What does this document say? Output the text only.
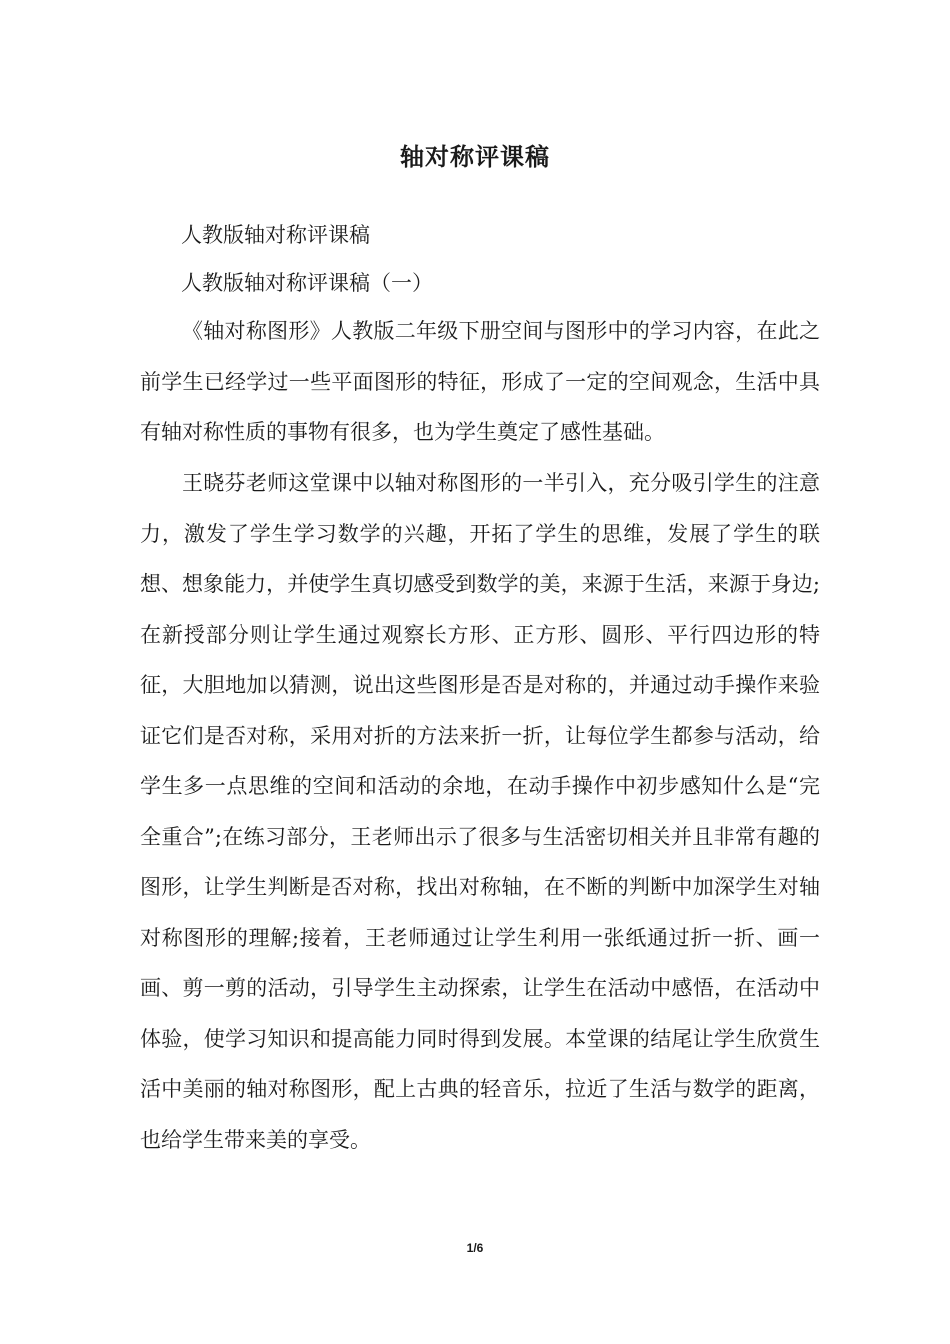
轴对称评课稿
人教版轴对称评课稿
人教版轴对称评课稿（一）

《轴对称图形》人教版二年级下册空间与图形中的学习内容，在此之前学生已经学过一些平面图形的特征，形成了一定的空间观念，生活中具有轴对称性质的事物有很多，也为学生奠定了感性基础。

王晓芬老师这堂课中以轴对称图形的一半引入，充分吸引学生的注意力，激发了学生学习数学的兴趣，开拓了学生的思维，发展了学生的联想、想象能力，并使学生真切感受到数学的美，来源于生活，来源于身边;在新授部分则让学生通过观察长方形、正方形、圆形、平行四边形的特征，大胆地加以猜测，说出这些图形是否是对称的，并通过动手操作来验证它们是否对称，采用对折的方法来折一折，让每位学生都参与活动，给学生多一点思维的空间和活动的余地，在动手操作中初步感知什么是“完全重合”;在练习部分，王老师出示了很多与生活密切相关并且非常有趣的图形，让学生判断是否对称，找出对称轴，在不断的判断中加深学生对轴对称图形的理解;接着，王老师通过让学生利用一张纸通过折一折、画一画、剪一剪的活动，引导学生主动探索，让学生在活动中感悟，在活动中体验，使学习知识和提高能力同时得到发展。本堂课的结尾让学生欣赏生活中美丽的轴对称图形，配上古典的轻音乐，拉近了生活与数学的距离，也给学生带来美的享受。

1/6
